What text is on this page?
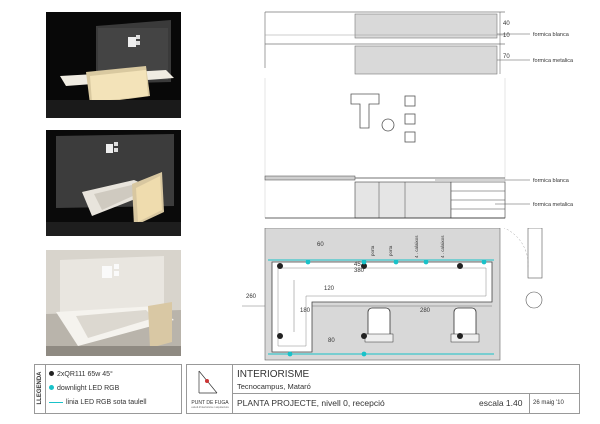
40
10
70
formica blanca
formica metalica
formica blanca
formica metalica
60
45
380
120
260
180	280
80
porta	porta	4 . calaixos	4 . calaixos
LLEGENDA	2xQR111 65w 45°
downlight LED RGB
linia LED RGB sota taulell	PUNT DE FUGA
estudi d'interiorisme i arquitectura
INTERIORISME
Tecnocampus, Mataró
PLANTA PROJECTE, nivell 0, recepció	escala 1.40 26 maig '10
